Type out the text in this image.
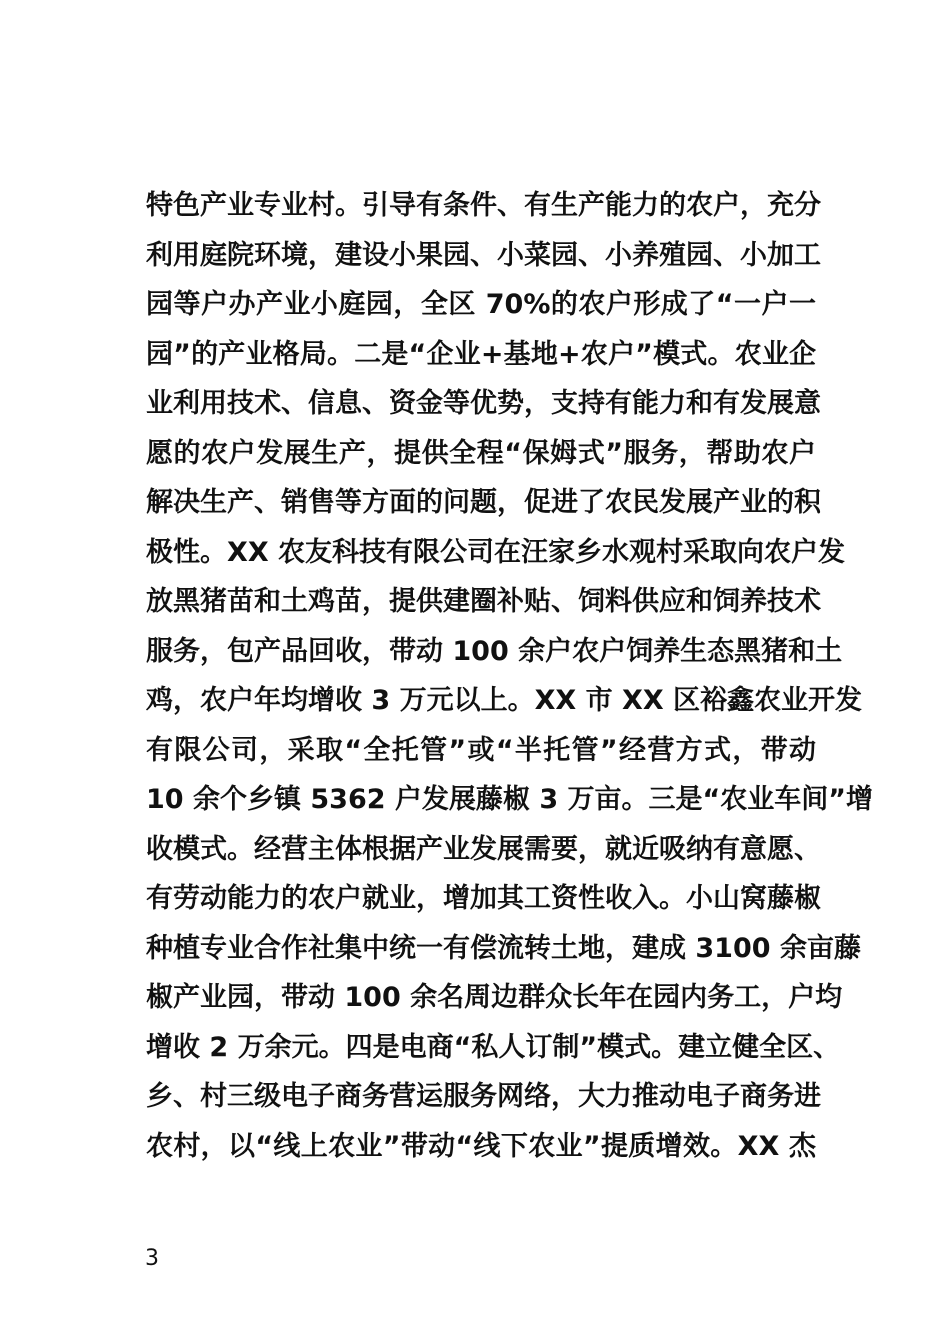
特色产业专业村。引导有条件、有生产能力的农户，充分
利用庭院环境，建设小果园、小菜园、小养殖园、小加工
园等户办产业小庭园，全区 70%的农户形成了“一户一
园”的产业格局。二是“企业+基地+农户”模式。农业企
业利用技术、信息、资金等优势，支持有能力和有发展意
愿的农户发展生产，提供全程“保姆式”服务，帮助农户
解决生产、销售等方面的问题，促进了农民发展产业的积
极性。XX 农友科技有限公司在汪家乡水观村采取向农户发
放黑猪苗和土鸡苗，提供建圈补贴、饲料供应和饲养技术
服务，包产品回收，带动 100 余户农户饲养生态黑猪和土
鸡，农户年均增收 3 万元以上。XX 市 XX 区裕鑫农业开发
有限公司，采取“全托管”或“半托管”经营方式，带动
10 余个乡镇 5362 户发展藤椒 3 万亩。三是“农业车间”增
收模式。经营主体根据产业发展需要，就近吸纳有意愿、
有劳动能力的农户就业，增加其工资性收入。小山窝藤椒
种植专业合作社集中统一有偿流转土地，建成 3100 余亩藤
椒产业园，带动 100 余名周边群众长年在园内务工，户均
增收 2 万余元。四是电商“私人订制”模式。建立健全区、
乡、村三级电子商务营运服务网络，大力推动电子商务进
农村，以“线上农业”带动“线下农业”提质增效。XX 杰
3
